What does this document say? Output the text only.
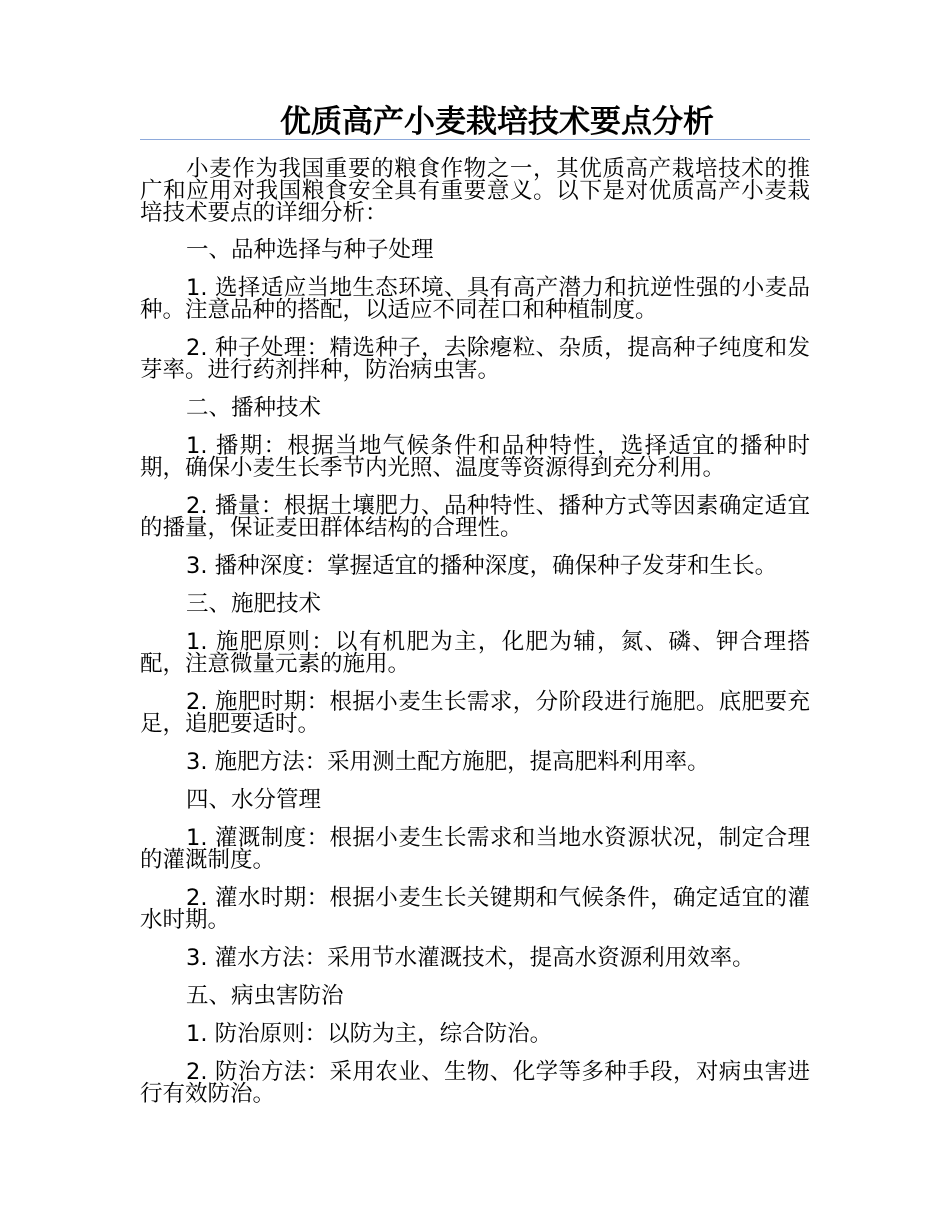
优质高产小麦栽培技术要点分析

小麦作为我国重要的粮食作物之一，其优质高产栽培技术的推广和应用对我国粮食安全具有重要意义。以下是对优质高产小麦栽培技术要点的详细分析：

一、品种选择与种子处理

1. 选择适应当地生态环境、具有高产潜力和抗逆性强的小麦品种。注意品种的搭配，以适应不同茬口和种植制度。

2. 种子处理：精选种子，去除瘪粒、杂质，提高种子纯度和发芽率。进行药剂拌种，防治病虫害。

二、播种技术

1. 播期：根据当地气候条件和品种特性，选择适宜的播种时期，确保小麦生长季节内光照、温度等资源得到充分利用。

2. 播量：根据土壤肥力、品种特性、播种方式等因素确定适宜的播量，保证麦田群体结构的合理性。

3. 播种深度：掌握适宜的播种深度，确保种子发芽和生长。

三、施肥技术

1. 施肥原则：以有机肥为主，化肥为辅，氮、磷、钾合理搭配，注意微量元素的施用。

2. 施肥时期：根据小麦生长需求，分阶段进行施肥。底肥要充足，追肥要适时。

3. 施肥方法：采用测土配方施肥，提高肥料利用率。

四、水分管理

1. 灌溉制度：根据小麦生长需求和当地水资源状况，制定合理的灌溉制度。

2. 灌水时期：根据小麦生长关键期和气候条件，确定适宜的灌水时期。

3. 灌水方法：采用节水灌溉技术，提高水资源利用效率。

五、病虫害防治

1. 防治原则：以防为主，综合防治。

2. 防治方法：采用农业、生物、化学等多种手段，对病虫害进行有效防治。
